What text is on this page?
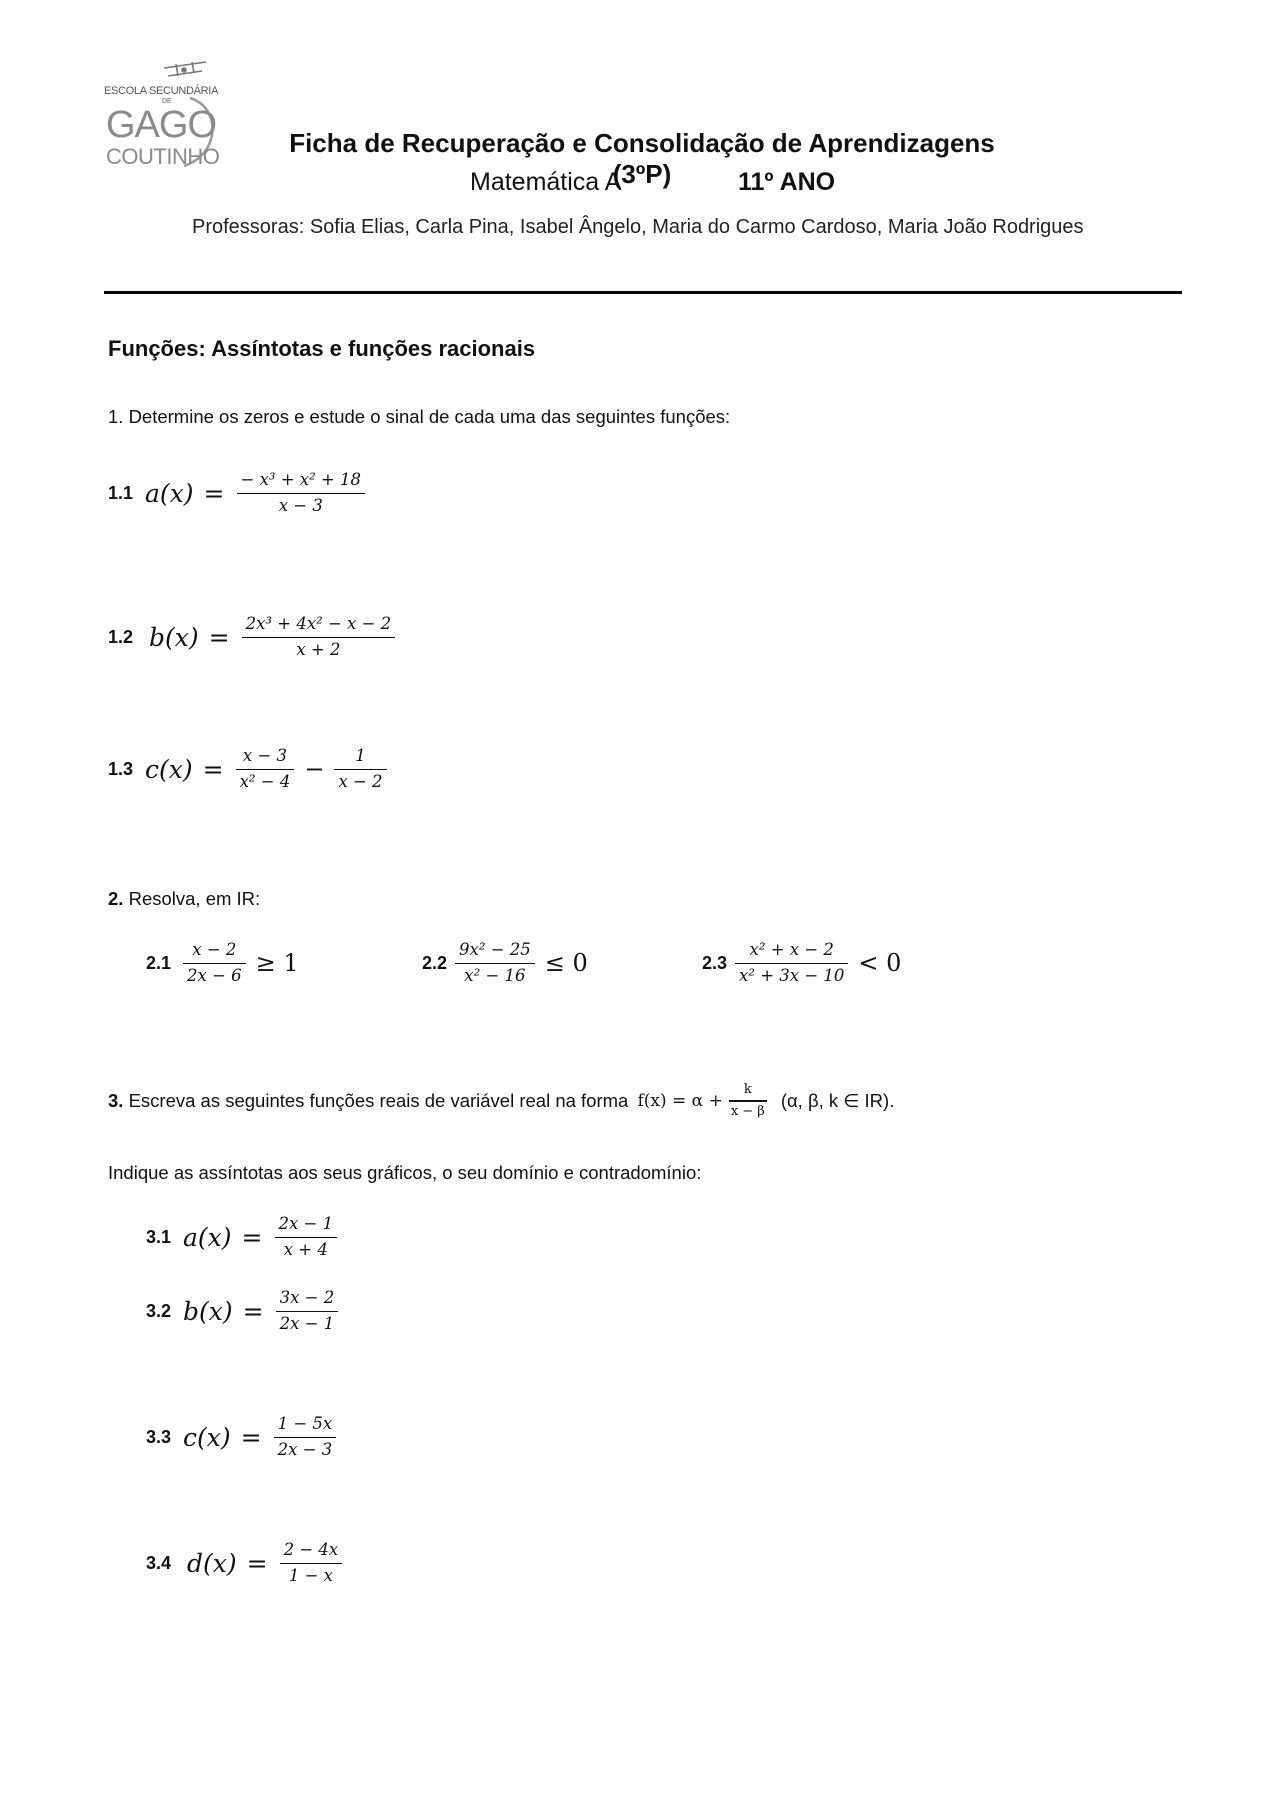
ESCOLA SECUNDÁRIA
DE
GAGO
COUTINHO	Ficha de Recuperação e Consolidação de Aprendizagens (3ºP)
Matemática A	11º ANO
Professoras: Sofia Elias, Carla Pina, Isabel Ângelo, Maria do Carmo Cardoso, Maria João Rodrigues
Funções: Assíntotas e funções racionais
1. Determine os zeros e estude o sinal de cada uma das seguintes funções:
1.1 $a(x) = \frac{\text{− x³ + x² + 18}}{x - 3}$
1.2 $b(x) = \frac{\text{2x³ + 4x² − x − 2}}{x + 2}$
1.3 $c(x) = \frac{x - 3}{\text{x² − 4}} - \frac{1}{x - 2}$
2. Resolva, em IR:
$2.1 \frac{x - 2}{2x - 6} \ge 1$	$2.2 \frac{\text{9x² − 25}}{\text{x² − 16}} \le 0$	$2.3 \frac{\text{x² + x − 2}}{\text{x² + 3x − 10}} < 0$
3. Escreva as seguintes funções reais de variável real na forma $f(x) = \alpha + \frac{k}{x - \beta} (\alpha$, β, k ∈ IR).
Indique as assíntotas aos seus gráficos, o seu domínio e contradomínio:
3.1 $a(x) = \frac{2x - 1}{x + 4}$
3.2 $b(x) = \frac{3x - 2}{2x - 1}$
3.3 $c(x) = \frac{1 - 5x}{2x - 3}$
3.4 $d(x) = \frac{2 - 4x}{1 - x}$
